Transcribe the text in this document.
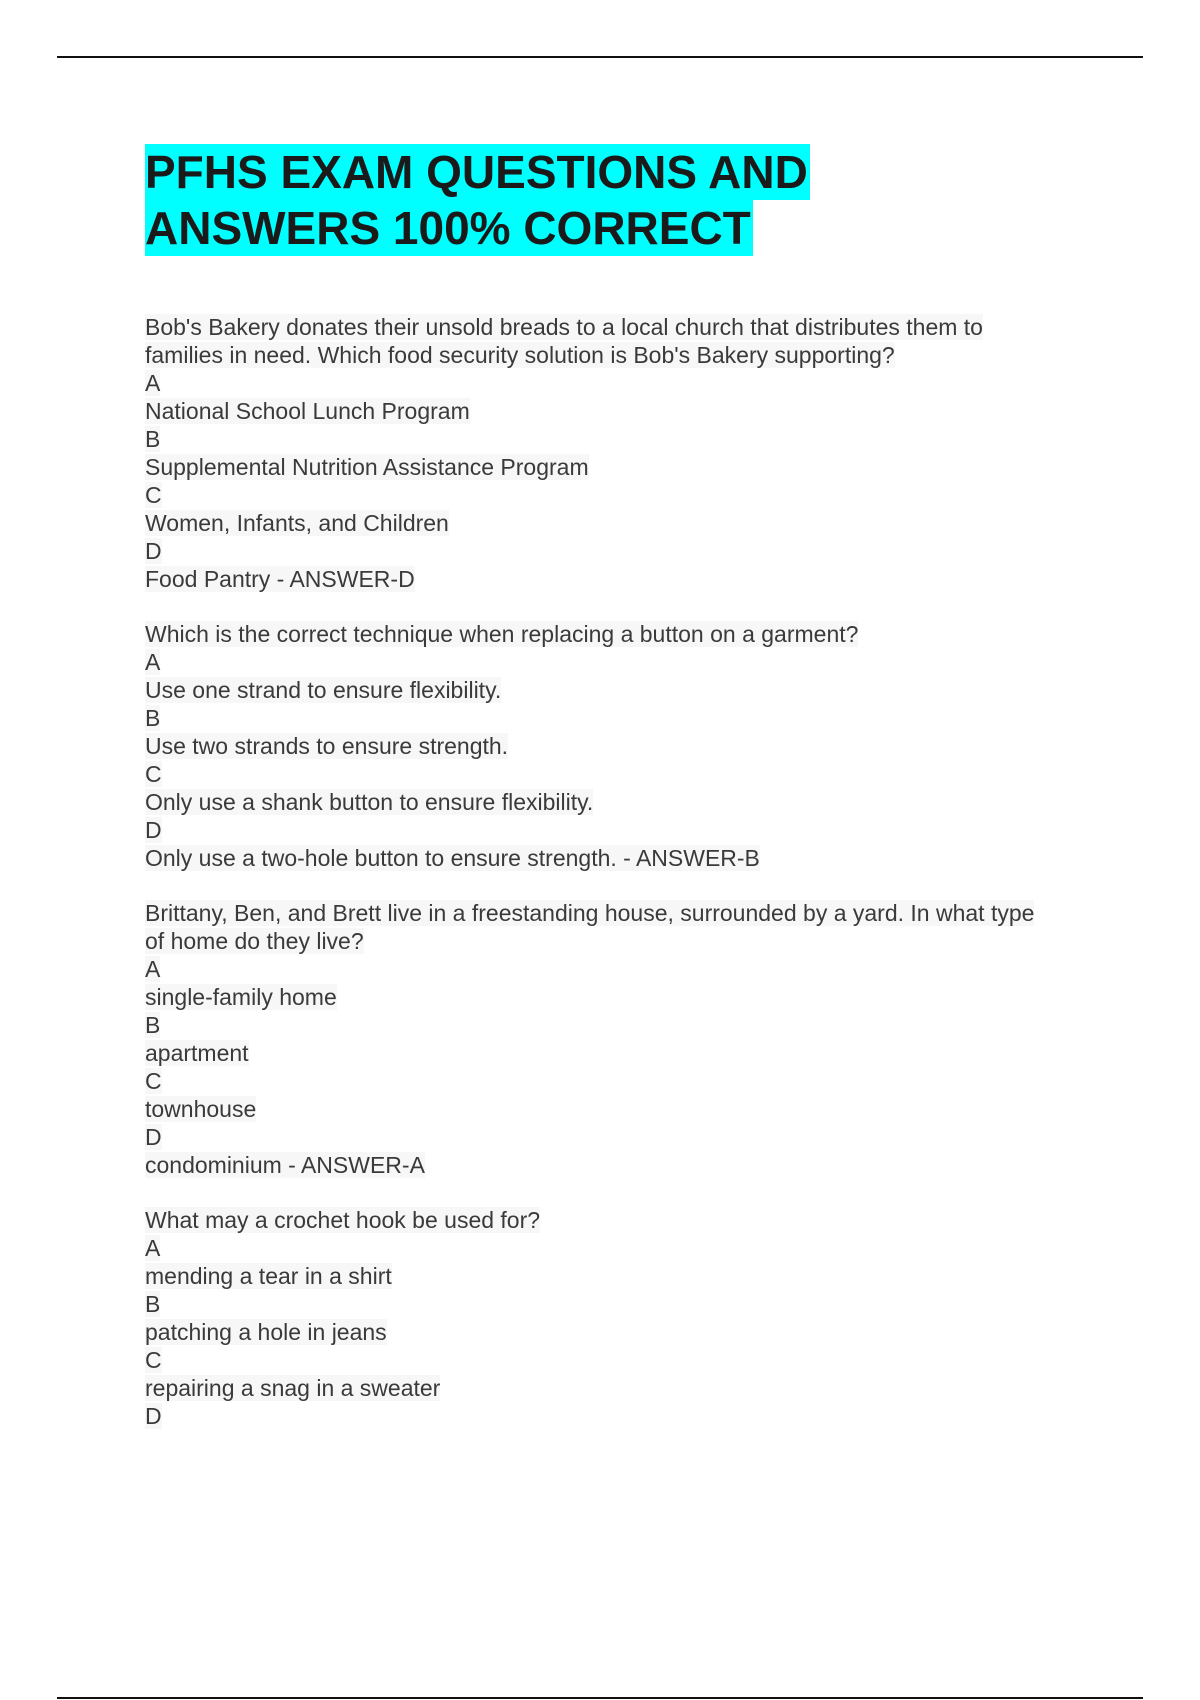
PFHS EXAM QUESTIONS AND
ANSWERS 100% CORRECT
Bob's Bakery donates their unsold breads to a local church that distributes them to
families in need. Which food security solution is Bob's Bakery supporting?
A
National School Lunch Program
B
Supplemental Nutrition Assistance Program
C
Women, Infants, and Children
D
Food Pantry - ANSWER-D
Which is the correct technique when replacing a button on a garment?
A
Use one strand to ensure flexibility.
B
Use two strands to ensure strength.
C
Only use a shank button to ensure flexibility.
D
Only use a two-hole button to ensure strength. - ANSWER-B
Brittany, Ben, and Brett live in a freestanding house, surrounded by a yard. In what type
of home do they live?
A
single-family home
B
apartment
C
townhouse
D
condominium - ANSWER-A
What may a crochet hook be used for?
A
mending a tear in a shirt
B
patching a hole in jeans
C
repairing a snag in a sweater
D
